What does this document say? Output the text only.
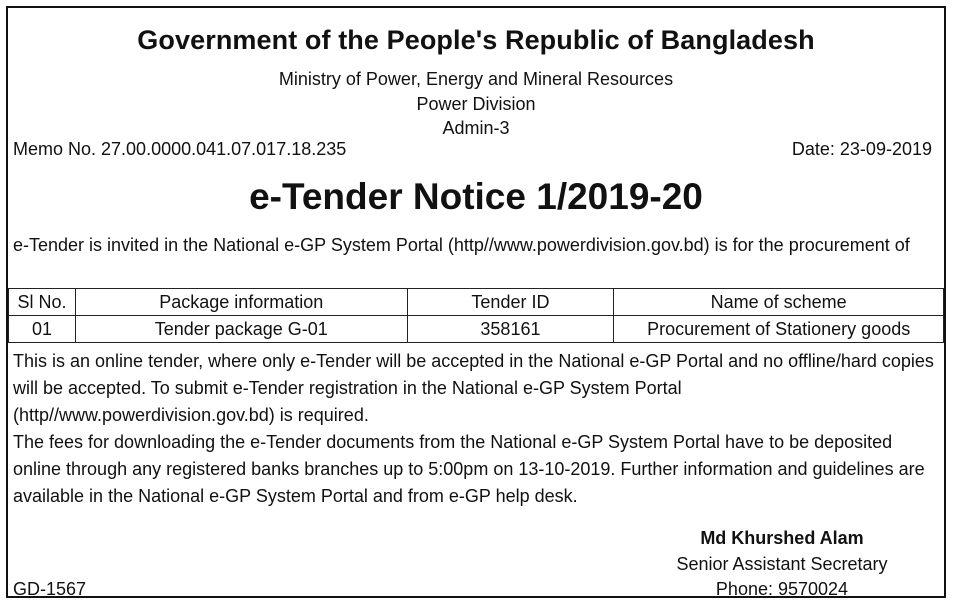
Government of the People's Republic of Bangladesh
Ministry of Power, Energy and Mineral Resources
Power Division
Admin-3
Memo No. 27.00.0000.041.07.017.18.235	Date: 23-09-2019
e-Tender Notice 1/2019-20
e-Tender is invited in the National e-GP System Portal (http//www.powerdivision.gov.bd) is for the procurement of
Sl No.	Package information	Tender ID	Name of scheme
01	Tender package G-01	358161	Procurement of Stationery goods

This is an online tender, where only e-Tender will be accepted in the National e-GP Portal and no offline/hard copies will be accepted. To submit e-Tender registration in the National e-GP System Portal (http//www.powerdivision.gov.bd) is required.

The fees for downloading the e-Tender documents from the National e-GP System Portal have to be deposited online through any registered banks branches up to 5:00pm on 13-10-2019. Further information and guidelines are available in the National e-GP System Portal and from e-GP help desk.

Md Khurshed Alam
Senior Assistant Secretary
Phone: 9570024
GD-1567
